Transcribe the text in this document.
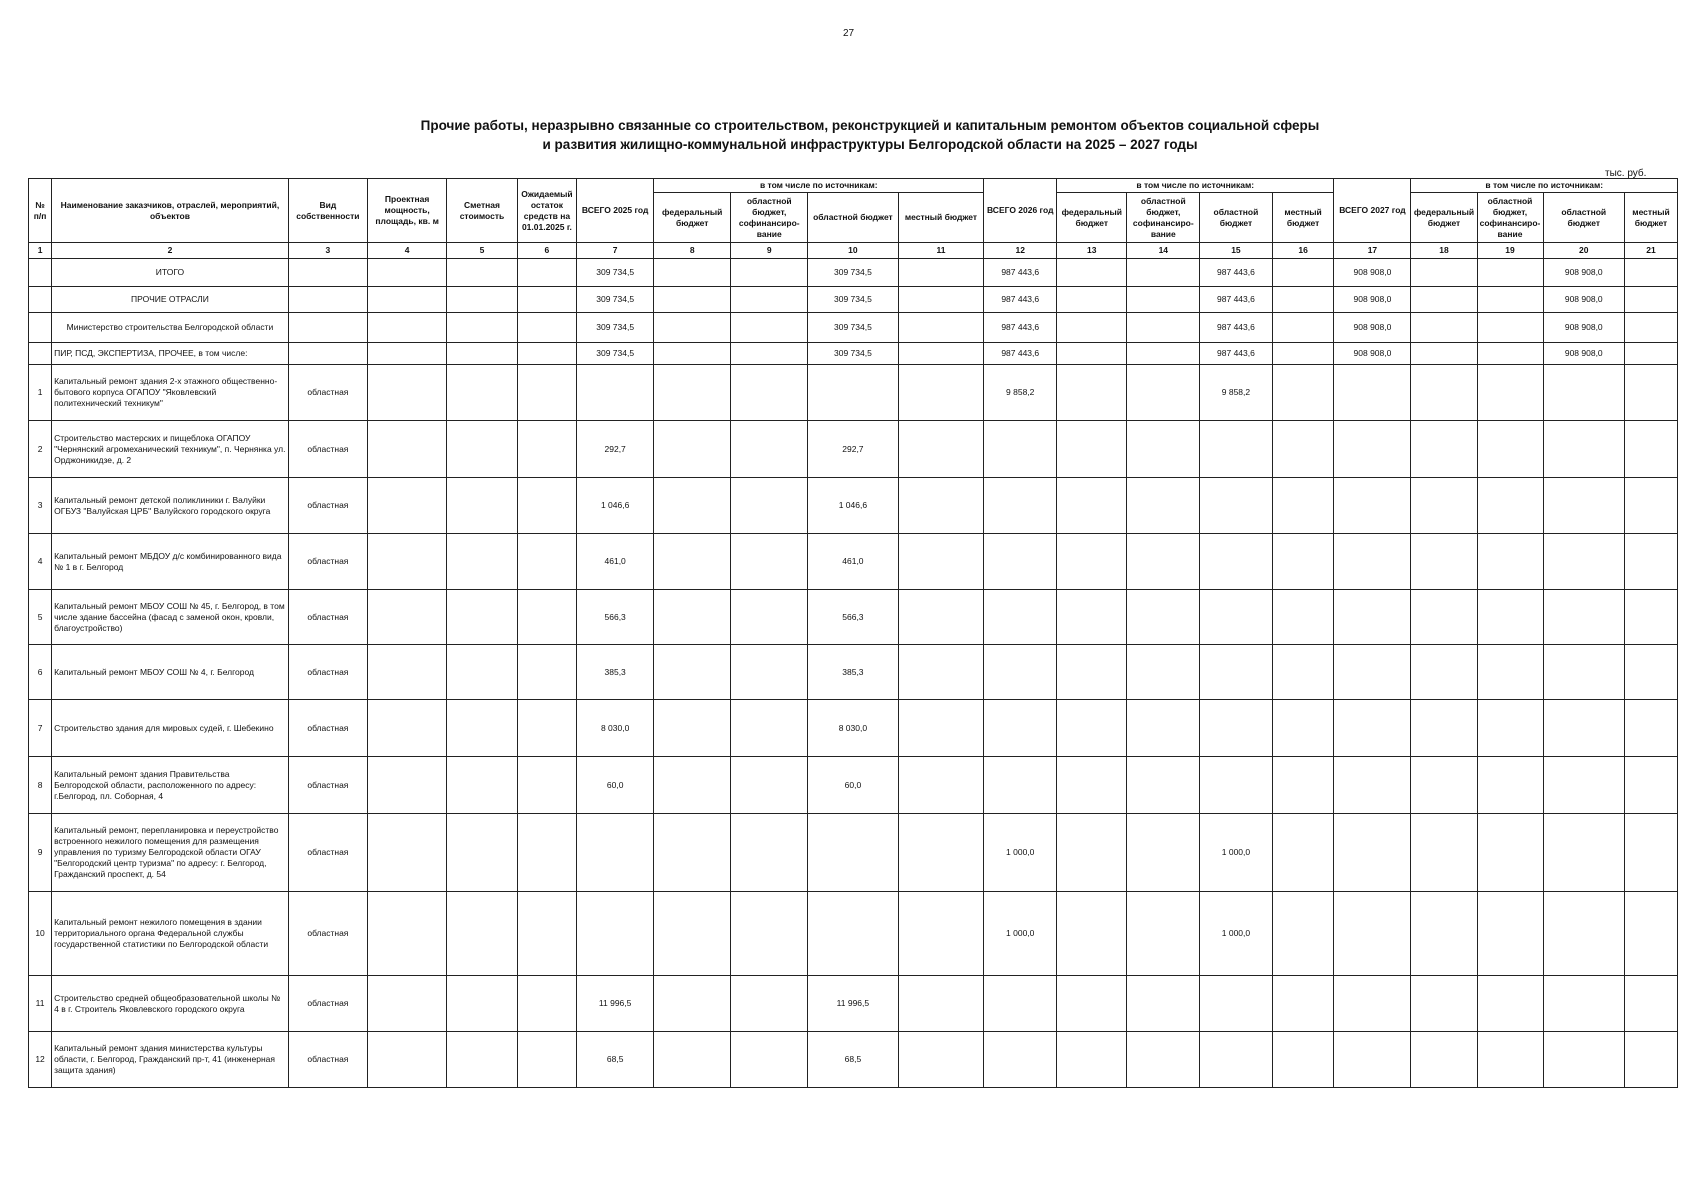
27
Прочие работы, неразрывно связанные со строительством, реконструкцией и капитальным ремонтом объектов социальной сферы
и развития жилищно-коммунальной инфраструктуры Белгородской области на 2025 – 2027 годы
тыс. руб.
№ п/п	Наименование заказчиков, отраслей, мероприятий, объектов	Вид собственности	Проектная мощность, площадь, кв. м	Сметная стоимость	Ожидаемый остаток средств на 01.01.2025 г.	ВСЕГО 2025 год	в том числе по источникам:				ВСЕГО 2026 год	в том числе по источникам:				ВСЕГО 2027 год	в том числе по источникам:			
							федеральный бюджет	областной бюджет, софинансиро-вание	областной бюджет	местный бюджет		федеральный бюджет	областной бюджет, софинансиро-вание	областной бюджет	местный бюджет		федеральный бюджет	областной бюджет, софинансиро-вание	областной бюджет	местный бюджет
1	2	3	4	5	6	7	8	9	10	11	12	13	14	15	16	17	18	19	20	21
	ИТОГО					309 734,5			309 734,5		987 443,6			987 443,6		908 908,0			908 908,0	
	ПРОЧИЕ ОТРАСЛИ					309 734,5			309 734,5		987 443,6			987 443,6		908 908,0			908 908,0	
	Министерство строительства Белгородской области					309 734,5			309 734,5		987 443,6			987 443,6		908 908,0			908 908,0	
	ПИР, ПСД, ЭКСПЕРТИЗА, ПРОЧЕЕ, в том числе:					309 734,5			309 734,5		987 443,6			987 443,6		908 908,0			908 908,0	
1	Капитальный ремонт здания 2-х этажного общественно-бытового корпуса ОГАПОУ "Яковлевский политехнический техникум"	областная									9 858,2			9 858,2						
2	Строительство мастерских и пищеблока ОГАПОУ "Чернянский агромеханический техникум", п. Чернянка ул. Орджоникидзе, д. 2	областная				292,7			292,7											
3	Капитальный ремонт детской поликлиники г. Валуйки ОГБУЗ "Валуйская ЦРБ" Валуйского городского округа	областная				1 046,6			1 046,6											
4	Капитальный ремонт МБДОУ д/с комбинированного вида № 1 в г. Белгород	областная				461,0			461,0											
5	Капитальный ремонт МБОУ СОШ № 45, г. Белгород, в том числе здание бассейна (фасад с заменой окон, кровли, благоустройство)	областная				566,3			566,3											
6	Капитальный ремонт МБОУ СОШ № 4, г. Белгород	областная				385,3			385,3											
7	Строительство здания для мировых судей, г. Шебекино	областная				8 030,0			8 030,0											
8	Капитальный ремонт здания Правительства Белгородской области, расположенного по адресу: г.Белгород, пл. Соборная, 4	областная				60,0			60,0											
9	Капитальный ремонт, перепланировка и переустройство встроенного нежилого помещения для размещения управления по туризму Белгородской области ОГАУ "Белгородский центр туризма" по адресу: г. Белгород, Гражданский проспект, д. 54	областная									1 000,0			1 000,0						
10	Капитальный ремонт нежилого помещения в здании территориального органа Федеральной службы государственной статистики по Белгородской области	областная									1 000,0			1 000,0						
11	Строительство средней общеобразовательной школы № 4 в г. Строитель Яковлевского городского округа	областная				11 996,5			11 996,5											
12	Капитальный ремонт здания министерства культуры области, г. Белгород, Гражданский пр-т, 41 (инженерная защита здания)	областная				68,5			68,5											
